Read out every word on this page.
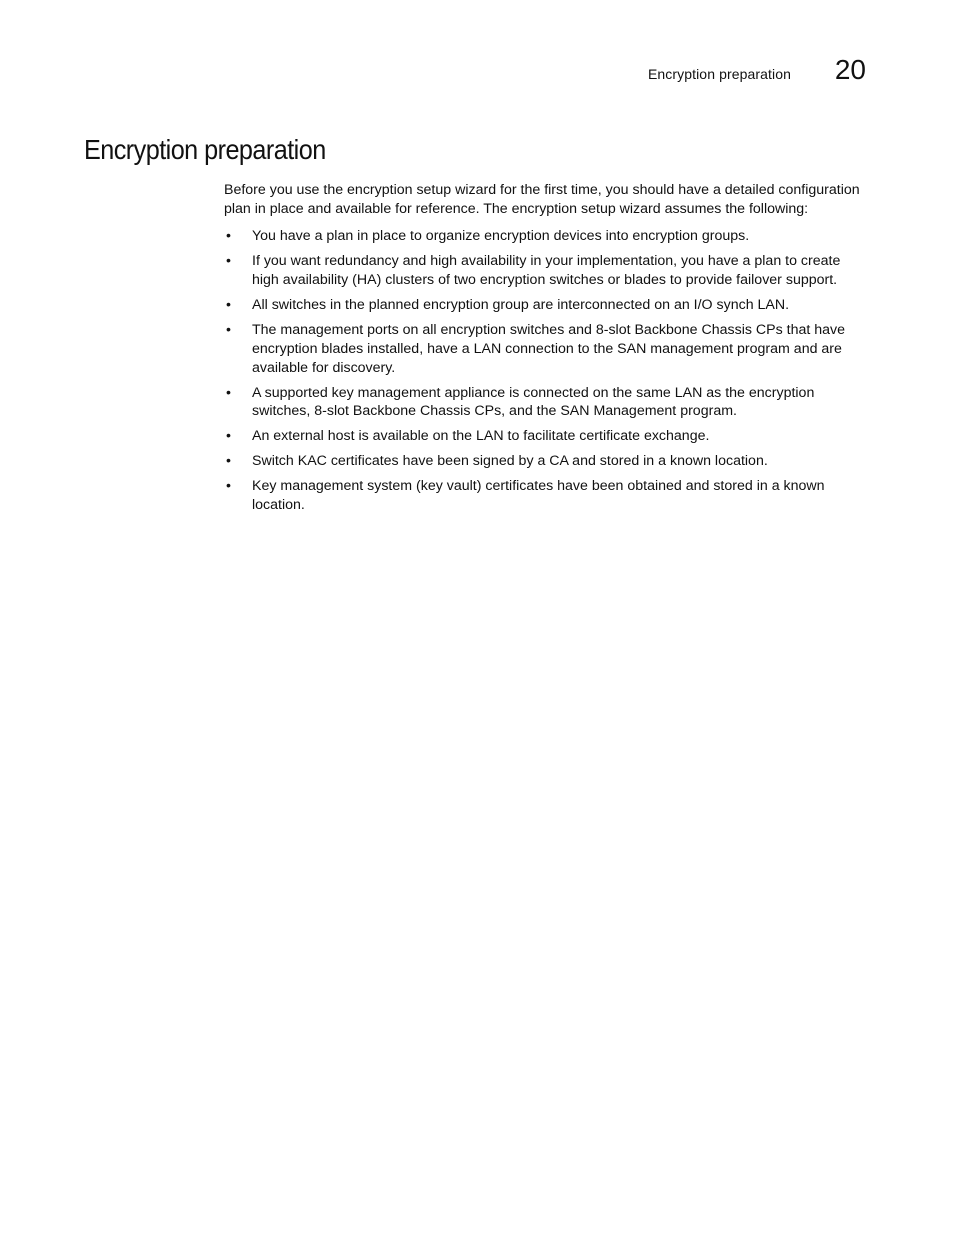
Encryption preparation 20
Encryption preparation

Before you use the encryption setup wizard for the first time, you should have a detailed configuration plan in place and available for reference. The encryption setup wizard assumes the following:

• You have a plan in place to organize encryption devices into encryption groups.
• If you want redundancy and high availability in your implementation, you have a plan to create high availability (HA) clusters of two encryption switches or blades to provide failover support.
• All switches in the planned encryption group are interconnected on an I/O synch LAN.
• The management ports on all encryption switches and 8-slot Backbone Chassis CPs that have encryption blades installed, have a LAN connection to the SAN management program and are available for discovery.
• A supported key management appliance is connected on the same LAN as the encryption switches, 8-slot Backbone Chassis CPs, and the SAN Management program.
• An external host is available on the LAN to facilitate certificate exchange.
• Switch KAC certificates have been signed by a CA and stored in a known location.
• Key management system (key vault) certificates have been obtained and stored in a known location.
